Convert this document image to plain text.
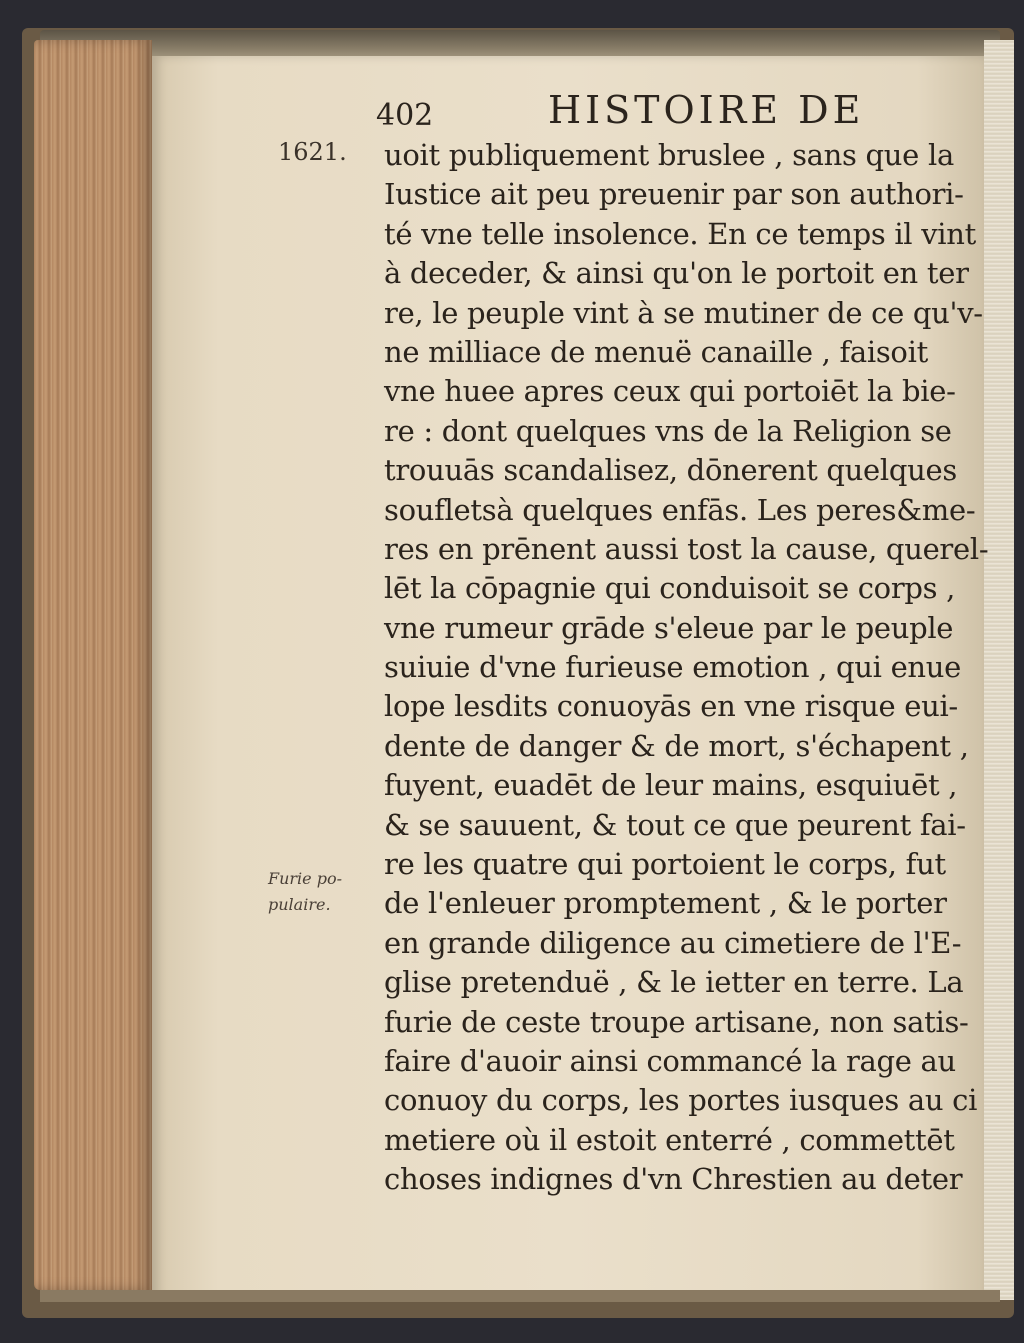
402	HISTOIRE DE
1621.
Furie po-
pulaire.
uoit publiquement bruslee , sans que la
Iustice ait peu preuenir par son authori-
té vne telle insolence. En ce temps il vint
à deceder, & ainsi qu'on le portoit en ter
re, le peuple vint à se mutiner de ce qu'v-
ne milliace de menuë canaille , faisoit
vne huee apres ceux qui portoiēt la bie-
re : dont quelques vns de la Religion se
trouuās scandalisez, dōnerent quelques
soufletsà quelques enfās. Les peres&me-
res en prēnent aussi tost la cause, querel-
lēt la cōpagnie qui conduisoit se corps ,
vne rumeur grāde s'eleue par le peuple
suiuie d'vne furieuse emotion , qui enue
lope lesdits conuoyās en vne risque eui-
dente de danger & de mort, s'échapent ,
fuyent, euadēt de leur mains, esquiuēt ,
& se sauuent, & tout ce que peurent fai-
re les quatre qui portoient le corps, fut
de l'enleuer promptement , & le porter
en grande diligence au cimetiere de l'E-
glise pretenduë , & le ietter en terre. La
furie de ceste troupe artisane, non satis-
faire d'auoir ainsi commancé la rage au
conuoy du corps, les portes iusques au ci
metiere où il estoit enterré , commettēt
choses indignes d'vn Chrestien au deter
